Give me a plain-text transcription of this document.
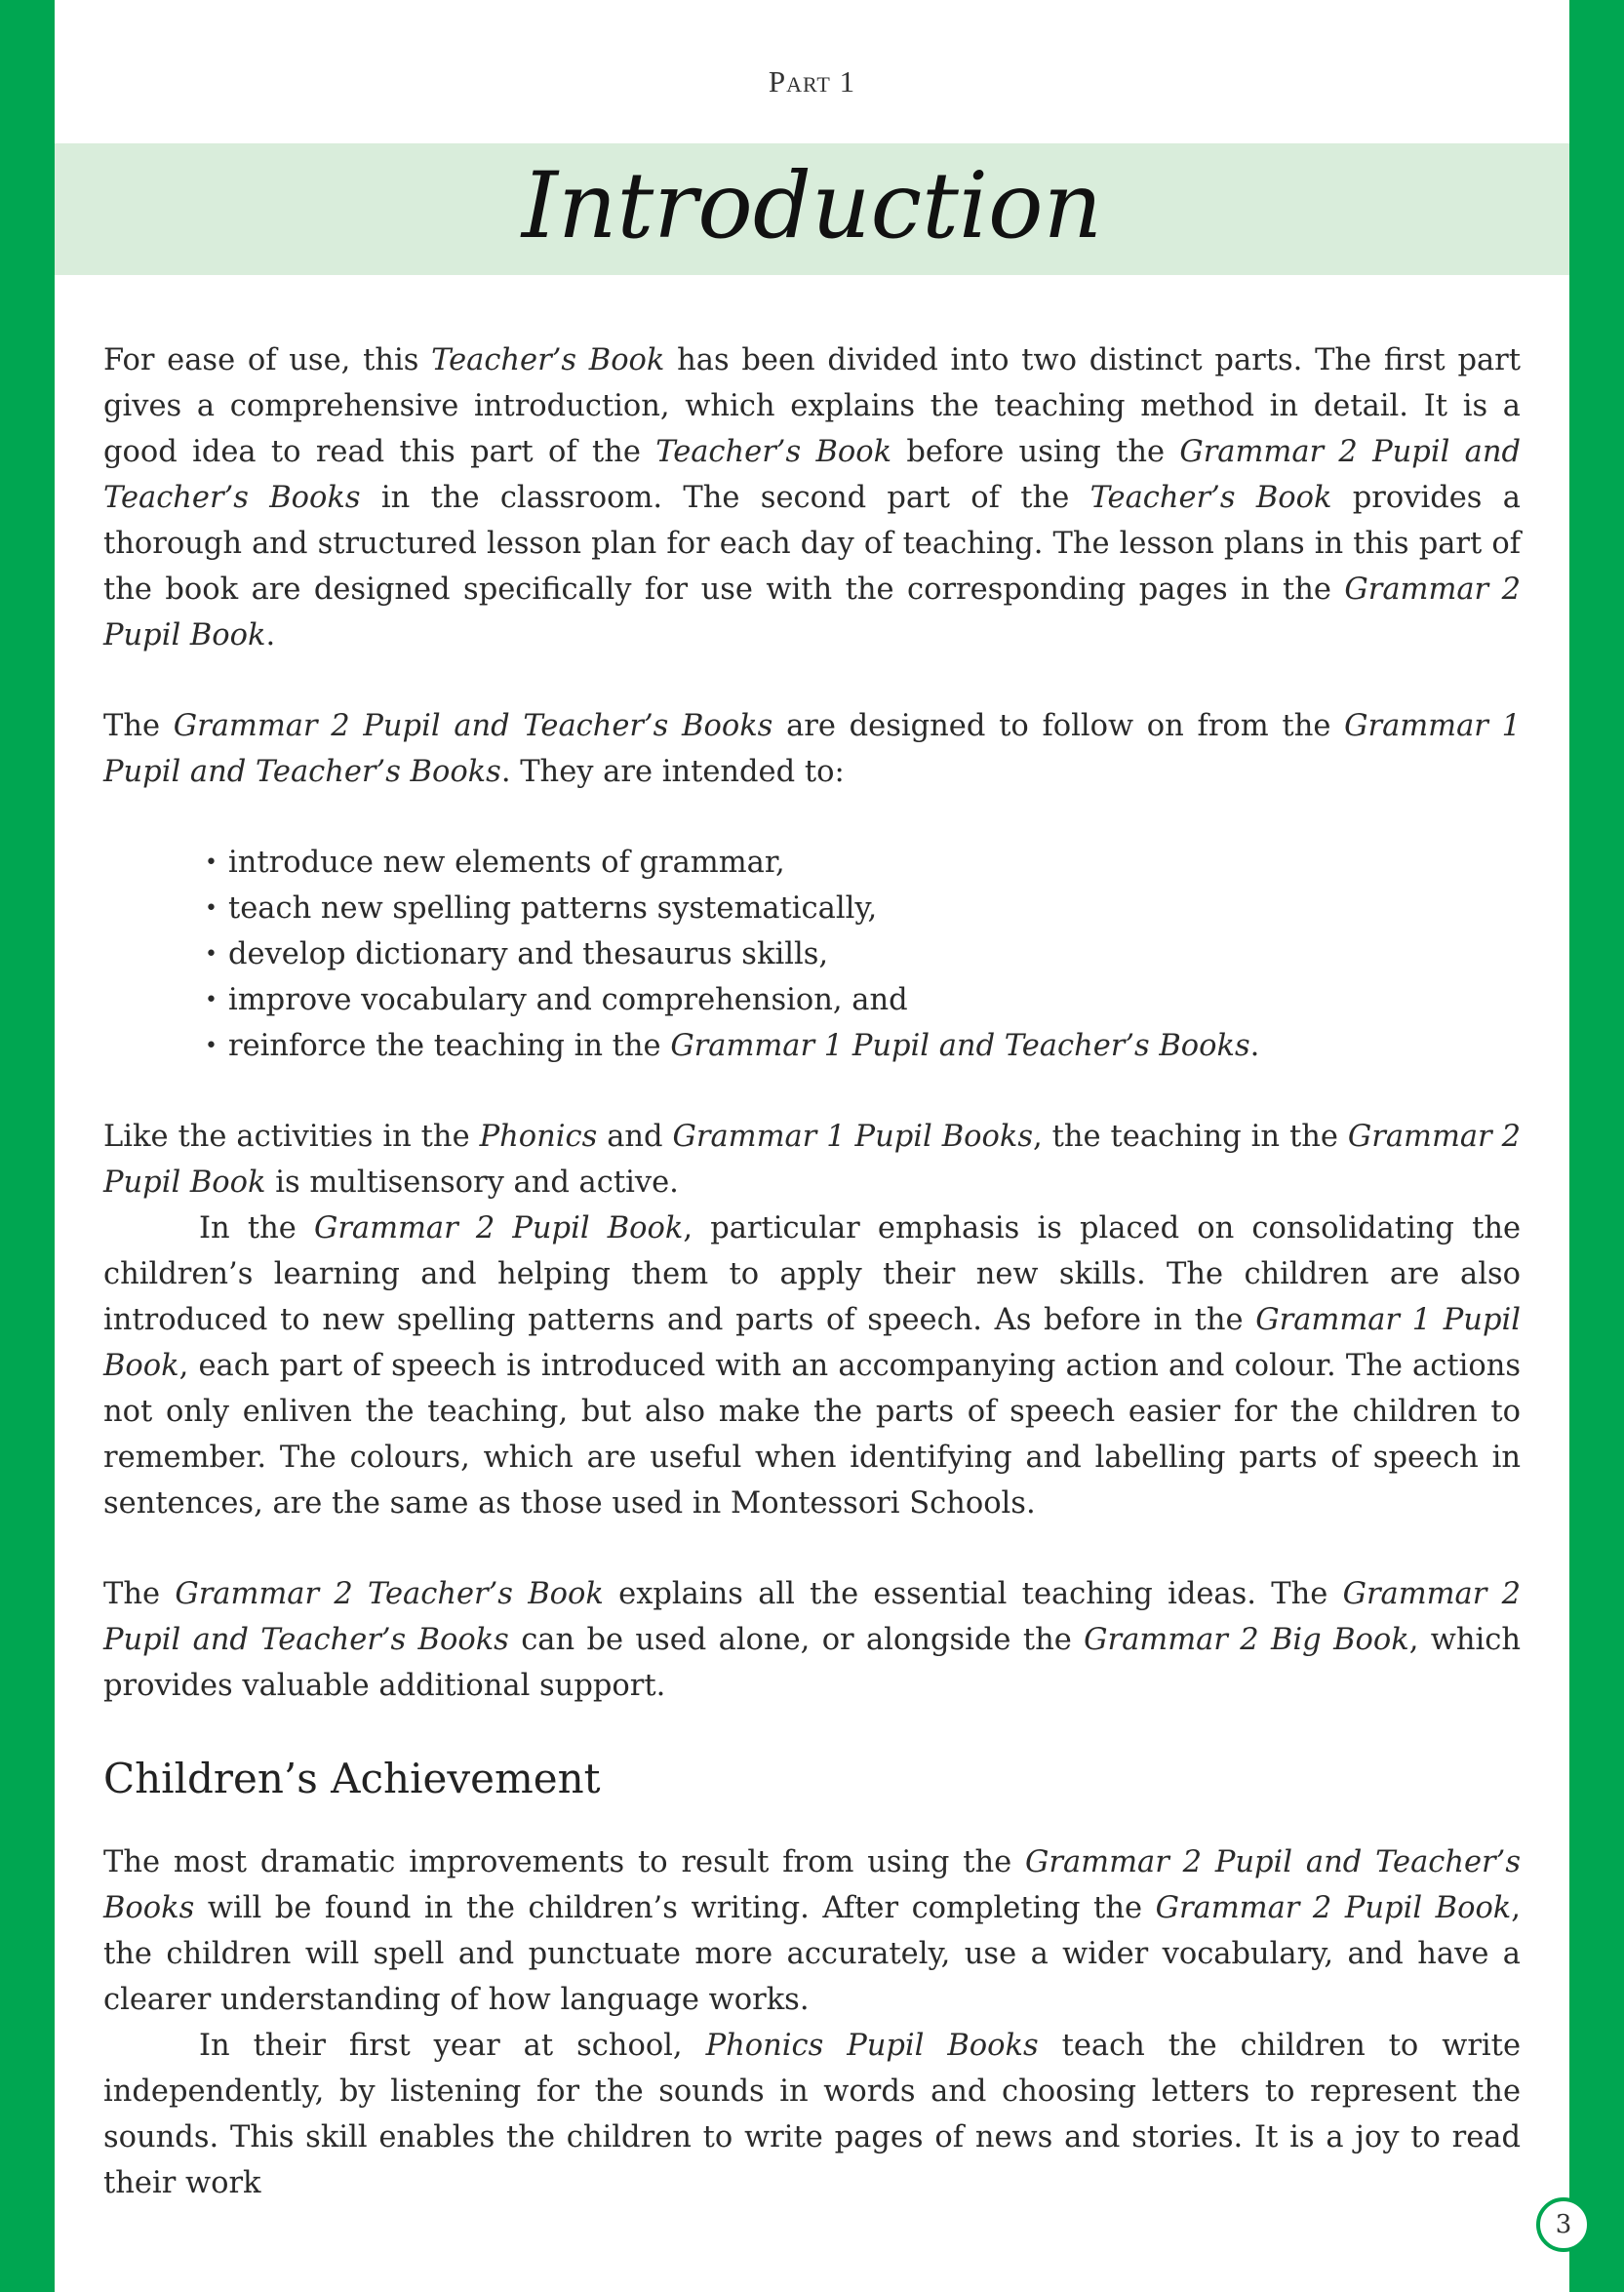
Part 1
Introduction

For ease of use, this Teacher’s Book has been divided into two distinct parts. The first part gives a comprehensive introduction, which explains the teaching method in detail. It is a good idea to read this part of the Teacher’s Book before using the Grammar 2 Pupil and Teacher’s Books in the classroom. The second part of the Teacher’s Book provides a thorough and structured lesson plan for each day of teaching. The lesson plans in this part of the book are designed specifically for use with the corresponding pages in the Grammar 2 Pupil Book.

The Grammar 2 Pupil and Teacher’s Books are designed to follow on from the Grammar 1 Pupil and Teacher’s Books. They are intended to:

• introduce new elements of grammar,
• teach new spelling patterns systematically,
• develop dictionary and thesaurus skills,
• improve vocabulary and comprehension, and
• reinforce the teaching in the Grammar 1 Pupil and Teacher’s Books.

Like the activities in the Phonics and Grammar 1 Pupil Books, the teaching in the Grammar 2 Pupil Book is multisensory and active.

In the Grammar 2 Pupil Book, particular emphasis is placed on consolidating the children’s learning and helping them to apply their new skills. The children are also introduced to new spelling patterns and parts of speech. As before in the Grammar 1 Pupil Book, each part of speech is introduced with an accompanying action and colour. The actions not only enliven the teaching, but also make the parts of speech easier for the children to remember. The colours, which are useful when identifying and labelling parts of speech in sentences, are the same as those used in Montessori Schools.

The Grammar 2 Teacher’s Book explains all the essential teaching ideas. The Grammar 2 Pupil and Teacher’s Books can be used alone, or alongside the Grammar 2 Big Book, which provides valuable additional support.

Children’s Achievement

The most dramatic improvements to result from using the Grammar 2 Pupil and Teacher’s Books will be found in the children’s writing. After completing the Grammar 2 Pupil Book, the children will spell and punctuate more accurately, use a wider vocabulary, and have a clearer understanding of how language works.

In their first year at school, Phonics Pupil Books teach the children to write independently, by listening for the sounds in words and choosing letters to represent the sounds. This skill enables the children to write pages of news and stories. It is a joy to read their work

3
